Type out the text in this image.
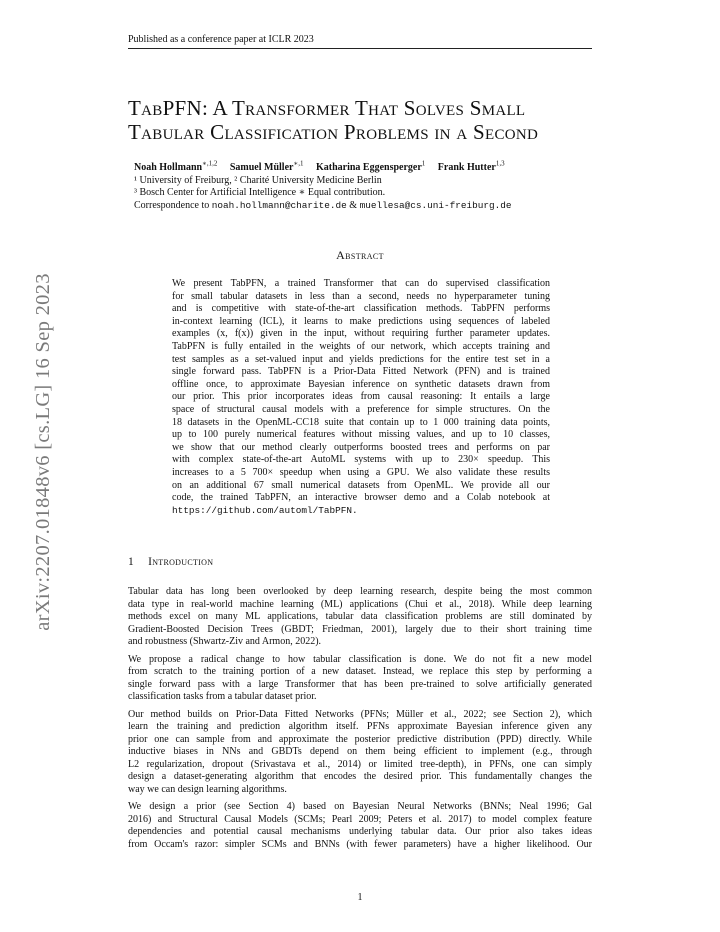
Published as a conference paper at ICLR 2023
arXiv:2207.01848v6 [cs.LG] 16 Sep 2023
TabPFN: A Transformer That Solves Small
Tabular Classification Problems in a Second
Noah Hollmann$^{∗,1,2}$ Samuel Müller$^{∗,1}$ Katharina Eggensperger$^1$ Frank Hutter$^{1,3}$
¹ University of Freiburg, ² Charité University Medicine Berlin
³ Bosch Center for Artificial Intelligence ∗ Equal contribution.
Correspondence to noah.hollmann@charite.de & muellesa@cs.uni-freiburg.de
Abstract
We present TabPFN, a trained Transformer that can do supervised classification
for small tabular datasets in less than a second, needs no hyperparameter tuning
and is competitive with state-of-the-art classification methods. TabPFN performs
in-context learning (ICL), it learns to make predictions using sequences of labeled
examples (x, f(x)) given in the input, without requiring further parameter updates.
TabPFN is fully entailed in the weights of our network, which accepts training and
test samples as a set-valued input and yields predictions for the entire test set in a
single forward pass. TabPFN is a Prior-Data Fitted Network (PFN) and is trained
offline once, to approximate Bayesian inference on synthetic datasets drawn from
our prior. This prior incorporates ideas from causal reasoning: It entails a large
space of structural causal models with a preference for simple structures. On the
18 datasets in the OpenML-CC18 suite that contain up to 1 000 training data points,
up to 100 purely numerical features without missing values, and up to 10 classes,
we show that our method clearly outperforms boosted trees and performs on par
with complex state-of-the-art AutoML systems with up to 230× speedup. This
increases to a 5 700× speedup when using a GPU. We also validate these results
on an additional 67 small numerical datasets from OpenML. We provide all our
code, the trained TabPFN, an interactive browser demo and a Colab notebook at
https://github.com/automl/TabPFN.
1 Introduction

Tabular data has long been overlooked by deep learning research, despite being the most common
data type in real-world machine learning (ML) applications (Chui et al., 2018). While deep learning
methods excel on many ML applications, tabular data classification problems are still dominated by
Gradient-Boosted Decision Trees (GBDT; Friedman, 2001), largely due to their short training time
and robustness (Shwartz-Ziv and Armon, 2022).

We propose a radical change to how tabular classification is done. We do not fit a new model
from scratch to the training portion of a new dataset. Instead, we replace this step by performing a
single forward pass with a large Transformer that has been pre-trained to solve artificially generated
classification tasks from a tabular dataset prior.

Our method builds on Prior-Data Fitted Networks (PFNs; Müller et al., 2022; see Section 2), which
learn the training and prediction algorithm itself. PFNs approximate Bayesian inference given any
prior one can sample from and approximate the posterior predictive distribution (PPD) directly. While
inductive biases in NNs and GBDTs depend on them being efficient to implement (e.g., through
L2 regularization, dropout (Srivastava et al., 2014) or limited tree-depth), in PFNs, one can simply
design a dataset-generating algorithm that encodes the desired prior. This fundamentally changes the
way we can design learning algorithms.

We design a prior (see Section 4) based on Bayesian Neural Networks (BNNs; Neal 1996; Gal
2016) and Structural Causal Models (SCMs; Pearl 2009; Peters et al. 2017) to model complex feature
dependencies and potential causal mechanisms underlying tabular data. Our prior also takes ideas
from Occam's razor: simpler SCMs and BNNs (with fewer parameters) have a higher likelihood. Our

1
